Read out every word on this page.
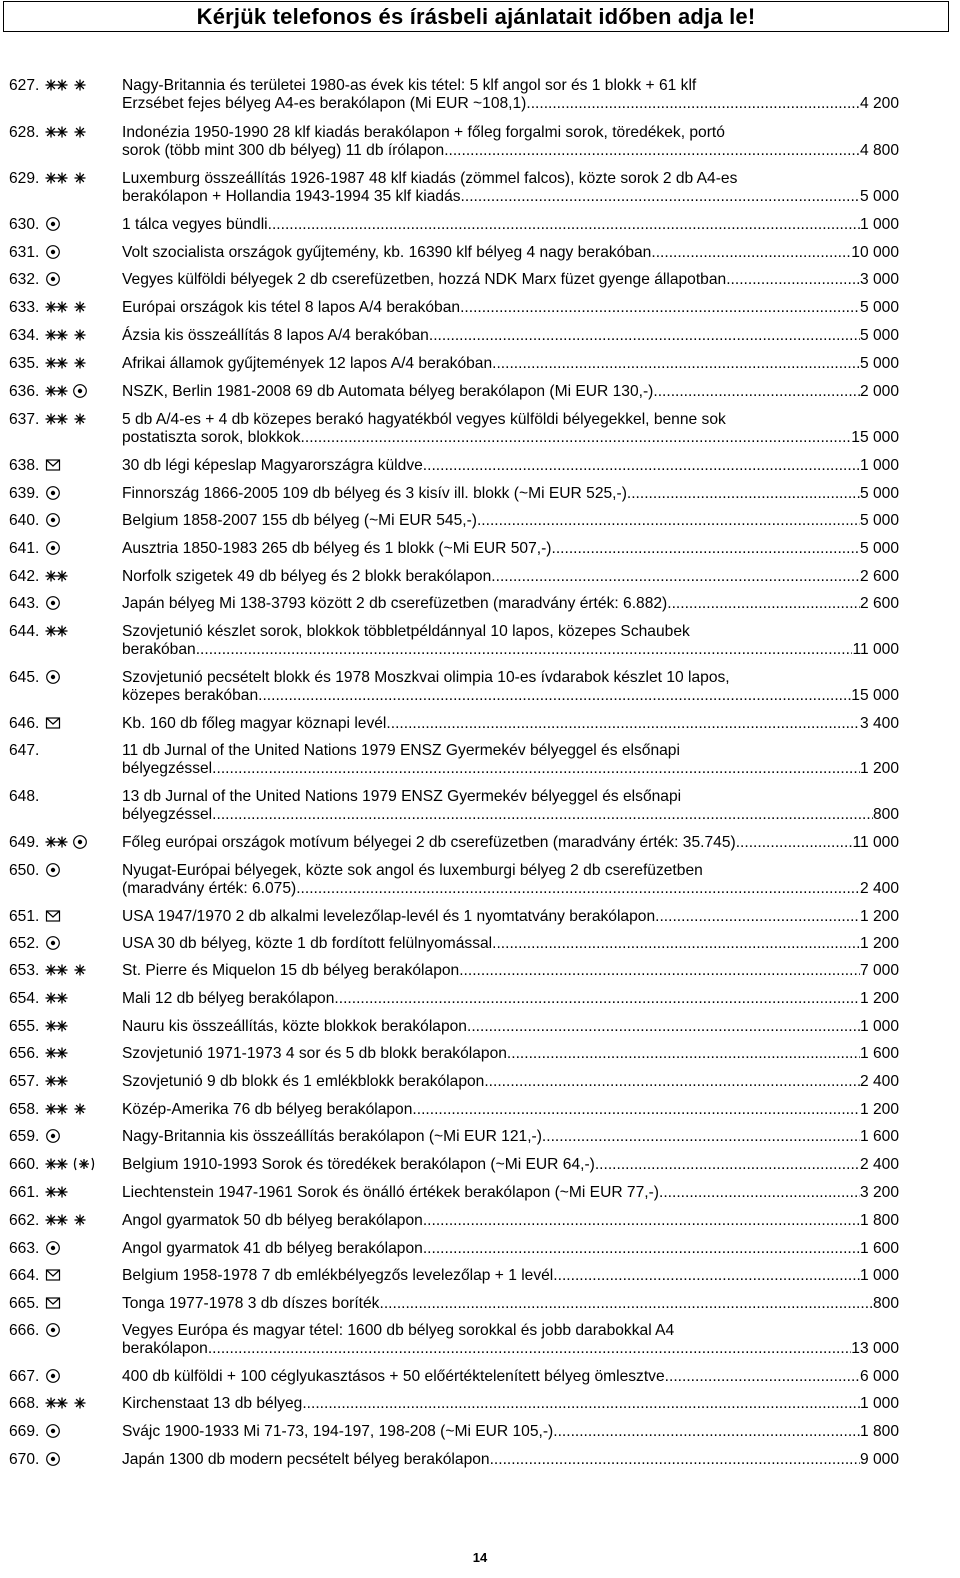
Kérjük telefonos és írásbeli ajánlatait időben adja le!
627.	Nagy-Britannia és területei 1980-as évek kis tétel: 5 klf angol sor és 1 blokk + 61 klf
Erzsébet fejes bélyeg A4-es berakólapon (Mi EUR ~108,1) .....	4 200
628.	Indonézia 1950-1990 28 klf kiadás berakólapon + főleg forgalmi sorok, töredékek, portó
sorok (több mint 300 db bélyeg) 11 db írólapon .....	4 800
629.	Luxemburg összeállítás 1926-1987 48 klf kiadás (zömmel falcos), közte sorok 2 db A4-es
berakólapon + Hollandia 1943-1994 35 klf kiadás .....	5 000
630.	1 tálca vegyes bündli .....	1 000
631.	Volt szocialista országok gyűjtemény, kb. 16390 klf bélyeg 4 nagy berakóban .....	10 000
632.	Vegyes külföldi bélyegek 2 db cserefüzetben, hozzá NDK Marx füzet gyenge állapotban .....	3 000
633.	Európai országok kis tétel 8 lapos A/4 berakóban .....	5 000
634.	Ázsia kis összeállítás 8 lapos A/4 berakóban .....	5 000
635.	Afrikai államok gyűjtemények 12 lapos A/4 berakóban .....	5 000
636.	NSZK, Berlin 1981-2008 69 db Automata bélyeg berakólapon (Mi EUR 130,-) .....	2 000
637.	5 db A/4-es + 4 db közepes berakó hagyatékból vegyes külföldi bélyegekkel, benne sok
postatiszta sorok, blokkok .....	15 000
638.	30 db légi képeslap Magyarországra küldve .....	1 000
639.	Finnország 1866-2005 109 db bélyeg és 3 kisív ill. blokk (~Mi EUR 525,-) .....	5 000
640.	Belgium 1858-2007 155 db bélyeg (~Mi EUR 545,-) .....	5 000
641.	Ausztria 1850-1983 265 db bélyeg és 1 blokk (~Mi EUR 507,-) .....	5 000
642.	Norfolk szigetek 49 db bélyeg és 2 blokk berakólapon .....	2 600
643.	Japán bélyeg Mi 138-3793 között 2 db cserefüzetben (maradvány érték: 6.882) .....	2 600
644.	Szovjetunió készlet sorok, blokkok többletpéldánnyal 10 lapos, közepes Schaubek
berakóban .....	11 000
645.	Szovjetunió pecsételt blokk és 1978 Moszkvai olimpia 10-es ívdarabok készlet 10 lapos,
közepes berakóban .....	15 000
646.	Kb. 160 db főleg magyar köznapi levél .....	3 400
647.	11 db Jurnal of the United Nations 1979 ENSZ Gyermekév bélyeggel és elsőnapi
bélyegzéssel .....	1 200
648.	13 db Jurnal of the United Nations 1979 ENSZ Gyermekév bélyeggel és elsőnapi
bélyegzéssel .....	800
649.	Főleg európai országok motívum bélyegei 2 db cserefüzetben (maradvány érték: 35.745) .....	11 000
650.	Nyugat-Európai bélyegek, közte sok angol és luxemburgi bélyeg 2 db cserefüzetben
(maradvány érték: 6.075) .....	2 400
651.	USA 1947/1970 2 db alkalmi levelezőlap-levél és 1 nyomtatvány berakólapon .....	1 200
652.	USA 30 db bélyeg, közte 1 db fordított felülnyomással .....	1 200
653.	St. Pierre és Miquelon 15 db bélyeg berakólapon .....	7 000
654.	Mali 12 db bélyeg berakólapon .....	1 200
655.	Nauru kis összeállítás, közte blokkok berakólapon .....	1 000
656.	Szovjetunió 1971-1973 4 sor és 5 db blokk berakólapon .....	1 600
657.	Szovjetunió 9 db blokk és 1 emlékblokk berakólapon .....	2 400
658.	Közép-Amerika 76 db bélyeg berakólapon .....	1 200
659.	Nagy-Britannia kis összeállítás berakólapon (~Mi EUR 121,-) .....	1 600
660.	Belgium 1910-1993 Sorok és töredékek berakólapon (~Mi EUR 64,-) .....	2 400
661.	Liechtenstein 1947-1961 Sorok és önálló értékek berakólapon (~Mi EUR 77,-) .....	3 200
662.	Angol gyarmatok 50 db bélyeg berakólapon .....	1 800
663.	Angol gyarmatok 41 db bélyeg berakólapon .....	1 600
664.	Belgium 1958-1978 7 db emlékbélyegzős levelezőlap + 1 levél .....	1 000
665.	Tonga 1977-1978 3 db díszes boríték .....	800
666.	Vegyes Európa és magyar tétel: 1600 db bélyeg sorokkal és jobb darabokkal A4
berakólapon .....	13 000
667.	400 db külföldi + 100 céglyukasztásos + 50 előértéktelenített bélyeg ömlesztve .....	6 000
668.	Kirchenstaat 13 db bélyeg .....	1 000
669.	Svájc 1900-1933 Mi 71-73, 194-197, 198-208 (~Mi EUR 105,-) .....	1 800
670.	Japán 1300 db modern pecsételt bélyeg berakólapon .....	9 000
14
